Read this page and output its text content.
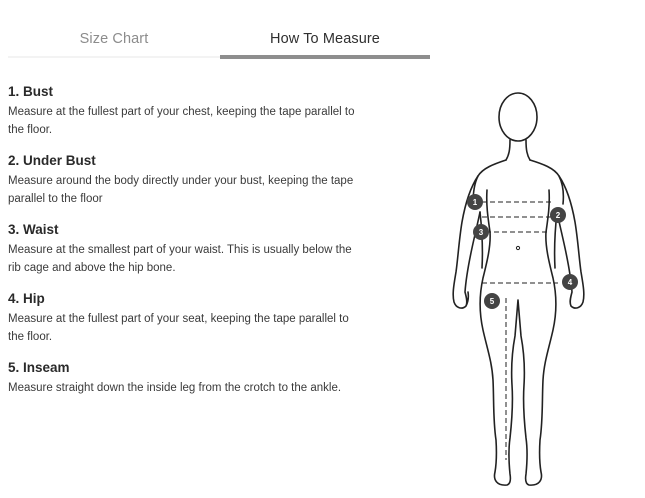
Size Chart	How To Measure
1. Bust

Measure at the fullest part of your chest, keeping the tape parallel to the floor.

2. Under Bust

Measure around the body directly under your bust, keeping the tape parallel to the floor

3. Waist

Measure at the smallest part of your waist. This is usually below the rib cage and above the hip bone.

4. Hip

Measure at the fullest part of your seat, keeping the tape parallel to the floor.

5. Inseam

Measure straight down the inside leg from the crotch to the ankle.

1
2
3
4
5
